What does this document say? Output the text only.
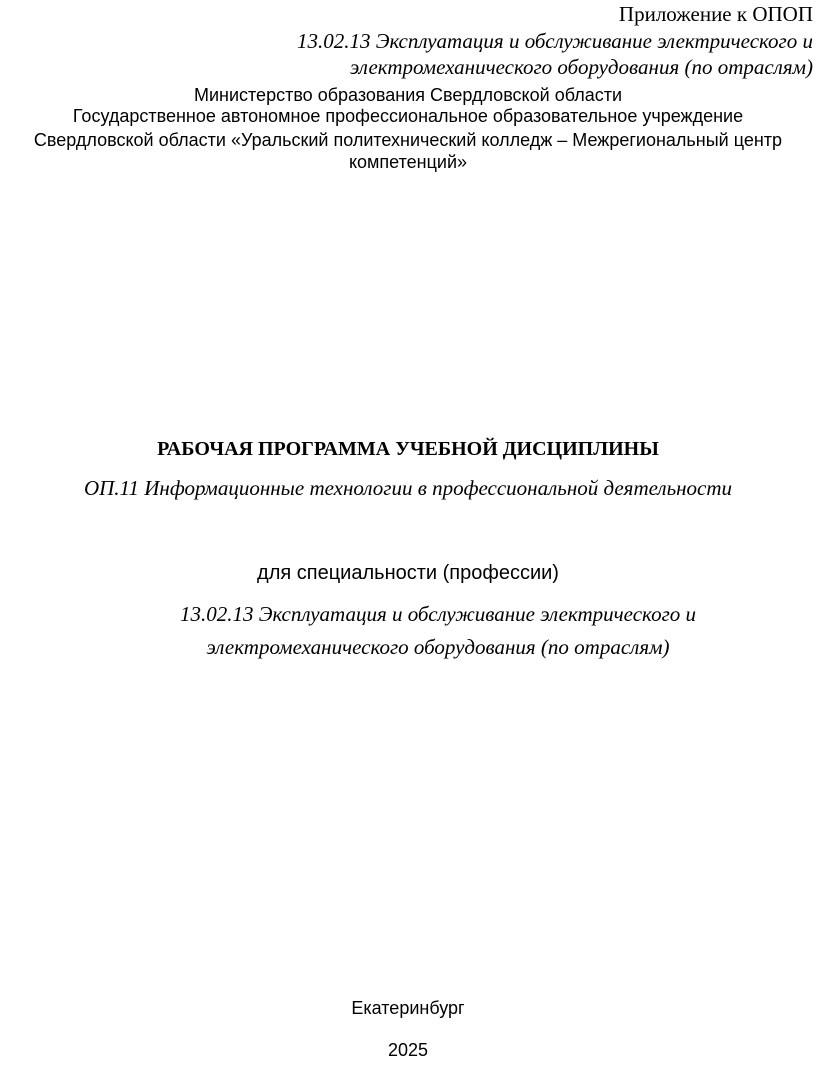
Приложение к ОПОП
13.02.13 Эксплуатация и обслуживание электрического и
электромеханического оборудования (по отраслям)
Министерство образования Свердловской области
Государственное автономное профессиональное образовательное учреждение
Свердловской области «Уральский политехнический колледж – Межрегиональный центр
компетенций»
РАБОЧАЯ ПРОГРАММА УЧЕБНОЙ ДИСЦИПЛИНЫ
ОП.11 Информационные технологии в профессиональной деятельности
для специальности (профессии)
13.02.13 Эксплуатация и обслуживание электрического и
электромеханического оборудования (по отраслям)
Екатеринбург
2025
